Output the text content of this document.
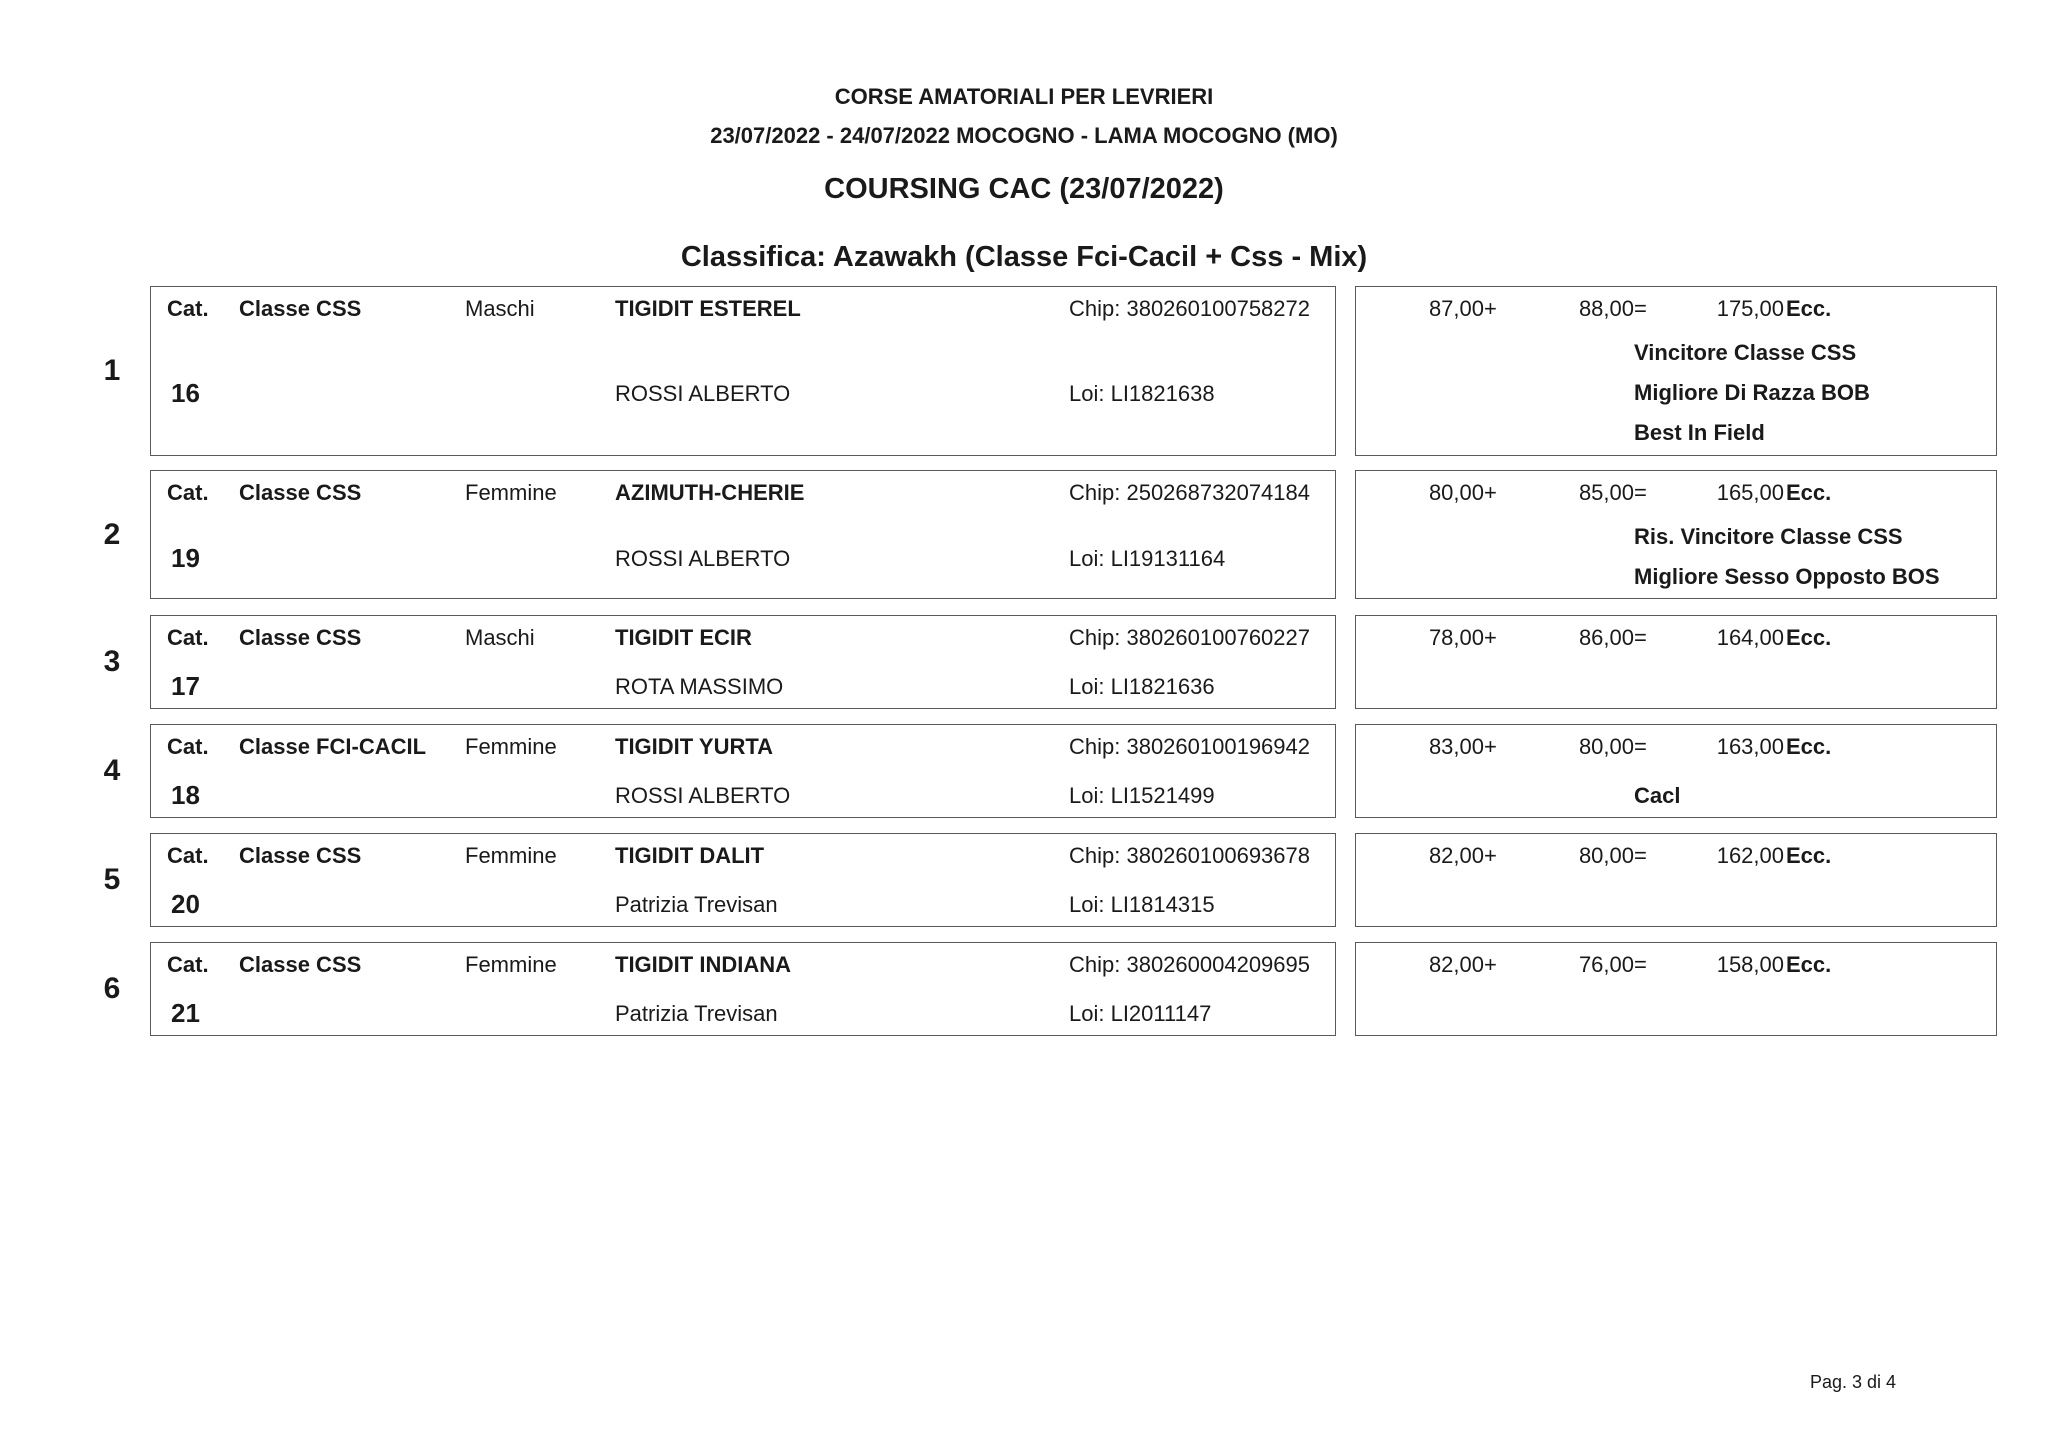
CORSE AMATORIALI PER LEVRIERI
23/07/2022 - 24/07/2022 MOCOGNO - LAMA MOCOGNO (MO)
COURSING CAC (23/07/2022)
Classifica: Azawakh (Classe Fci-Cacil + Css - Mix)
1
Cat. Classe CSS	Maschi	TIGIDIT ESTEREL	Chip: 380260100758272
16	ROSSI ALBERTO	Loi: LI1821638
87,00 +	88,00 =	175,00 Ecc.
Vincitore Classe CSS
Migliore Di Razza BOB
Best In Field
2
Cat. Classe CSS	Femmine	AZIMUTH-CHERIE	Chip: 250268732074184
19	ROSSI ALBERTO	Loi: LI19131164
80,00 +	85,00 =	165,00 Ecc.
Ris. Vincitore Classe CSS
Migliore Sesso Opposto BOS
3
Cat. Classe CSS	Maschi	TIGIDIT ECIR	Chip: 380260100760227
17	ROTA MASSIMO	Loi: LI1821636
78,00 +	86,00 =	164,00 Ecc.
4
Cat. Classe FCI-CACIL Femmine	TIGIDIT YURTA	Chip: 380260100196942
18	ROSSI ALBERTO	Loi: LI1521499
83,00 +	80,00 =	163,00 Ecc.
Cacl
5
Cat. Classe CSS	Femmine	TIGIDIT DALIT	Chip: 380260100693678
20	Patrizia Trevisan	Loi: LI1814315
82,00 +	80,00 =	162,00 Ecc.
6
Cat. Classe CSS	Femmine	TIGIDIT INDIANA	Chip: 380260004209695
21	Patrizia Trevisan	Loi: LI2011147
82,00 +	76,00 =	158,00 Ecc.
Pag. 3 di 4
